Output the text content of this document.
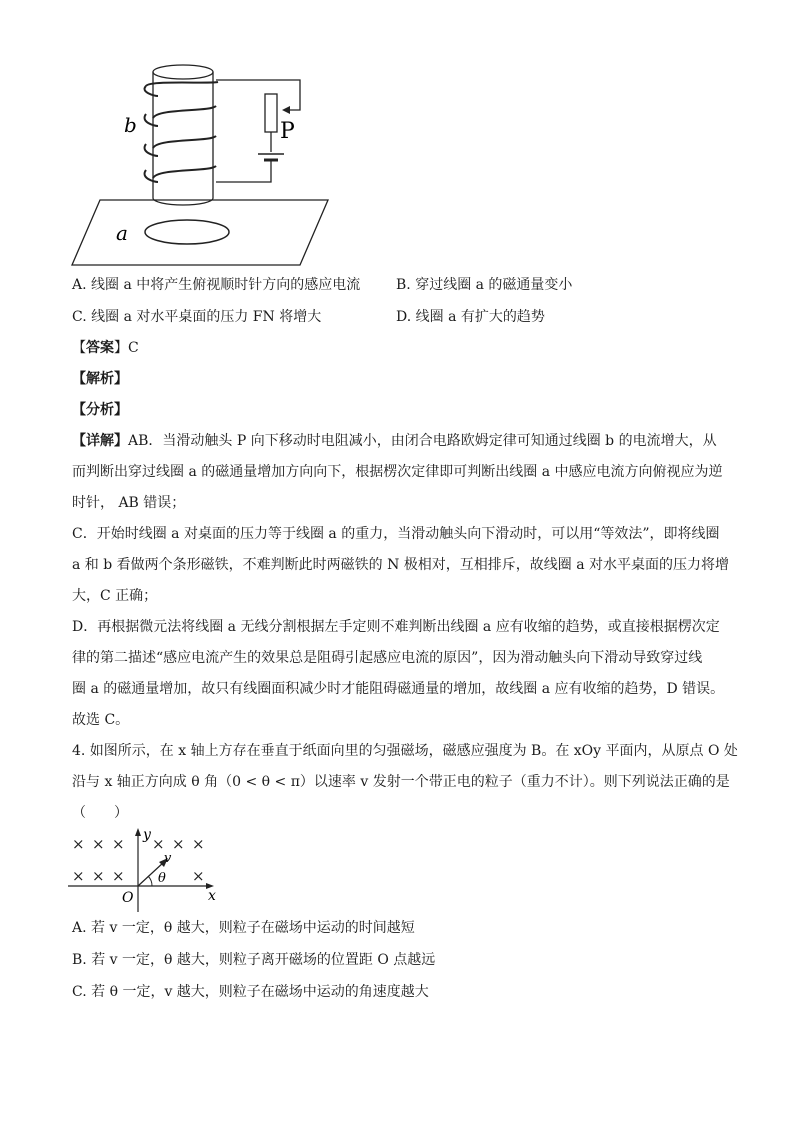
a
b	P
A. 线圈 a 中将产生俯视顺时针方向的感应电流	B. 穿过线圈 a 的磁通量变小
C. 线圈 a 对水平桌面的压力 FN 将增大	D. 线圈 a 有扩大的趋势
【答案】C
【解析】
【分析】
【详解】AB．当滑动触头 P 向下移动时电阻减小，由闭合电路欧姆定律可知通过线圈 b 的电流增大，从
而判断出穿过线圈 a 的磁通量增加方向向下，根据楞次定律即可判断出线圈 a 中感应电流方向俯视应为逆
时针， AB 错误；
C．开始时线圈 a 对桌面的压力等于线圈 a 的重力，当滑动触头向下滑动时，可以用“等效法”，即将线圈
a 和 b 看做两个条形磁铁，不难判断此时两磁铁的 N 极相对，互相排斥，故线圈 a 对水平桌面的压力将增
大，C 正确；
D．再根据微元法将线圈 a 无线分割根据左手定则不难判断出线圈 a 应有收缩的趋势，或直接根据楞次定
律的第二描述“感应电流产生的效果总是阻碍引起感应电流的原因”，因为滑动触头向下滑动导致穿过线
圈 a 的磁通量增加，故只有线圈面积减少时才能阻碍磁通量的增加，故线圈 a 应有收缩的趋势，D 错误。
故选 C。
4. 如图所示，在 x 轴上方存在垂直于纸面向里的匀强磁场，磁感应强度为 B。在 xOy 平面内，从原点 O 处
沿与 x 轴正方向成 θ 角（0 < θ < π）以速率 v 发射一个带正电的粒子（重力不计）。则下列说法正确的是
（　　）
× × × × × ×
× × ×	×
x
y
O
v
θ
A. 若 v 一定，θ 越大，则粒子在磁场中运动的时间越短
B. 若 v 一定，θ 越大，则粒子离开磁场的位置距 O 点越远
C. 若 θ 一定，v 越大，则粒子在磁场中运动的角速度越大
